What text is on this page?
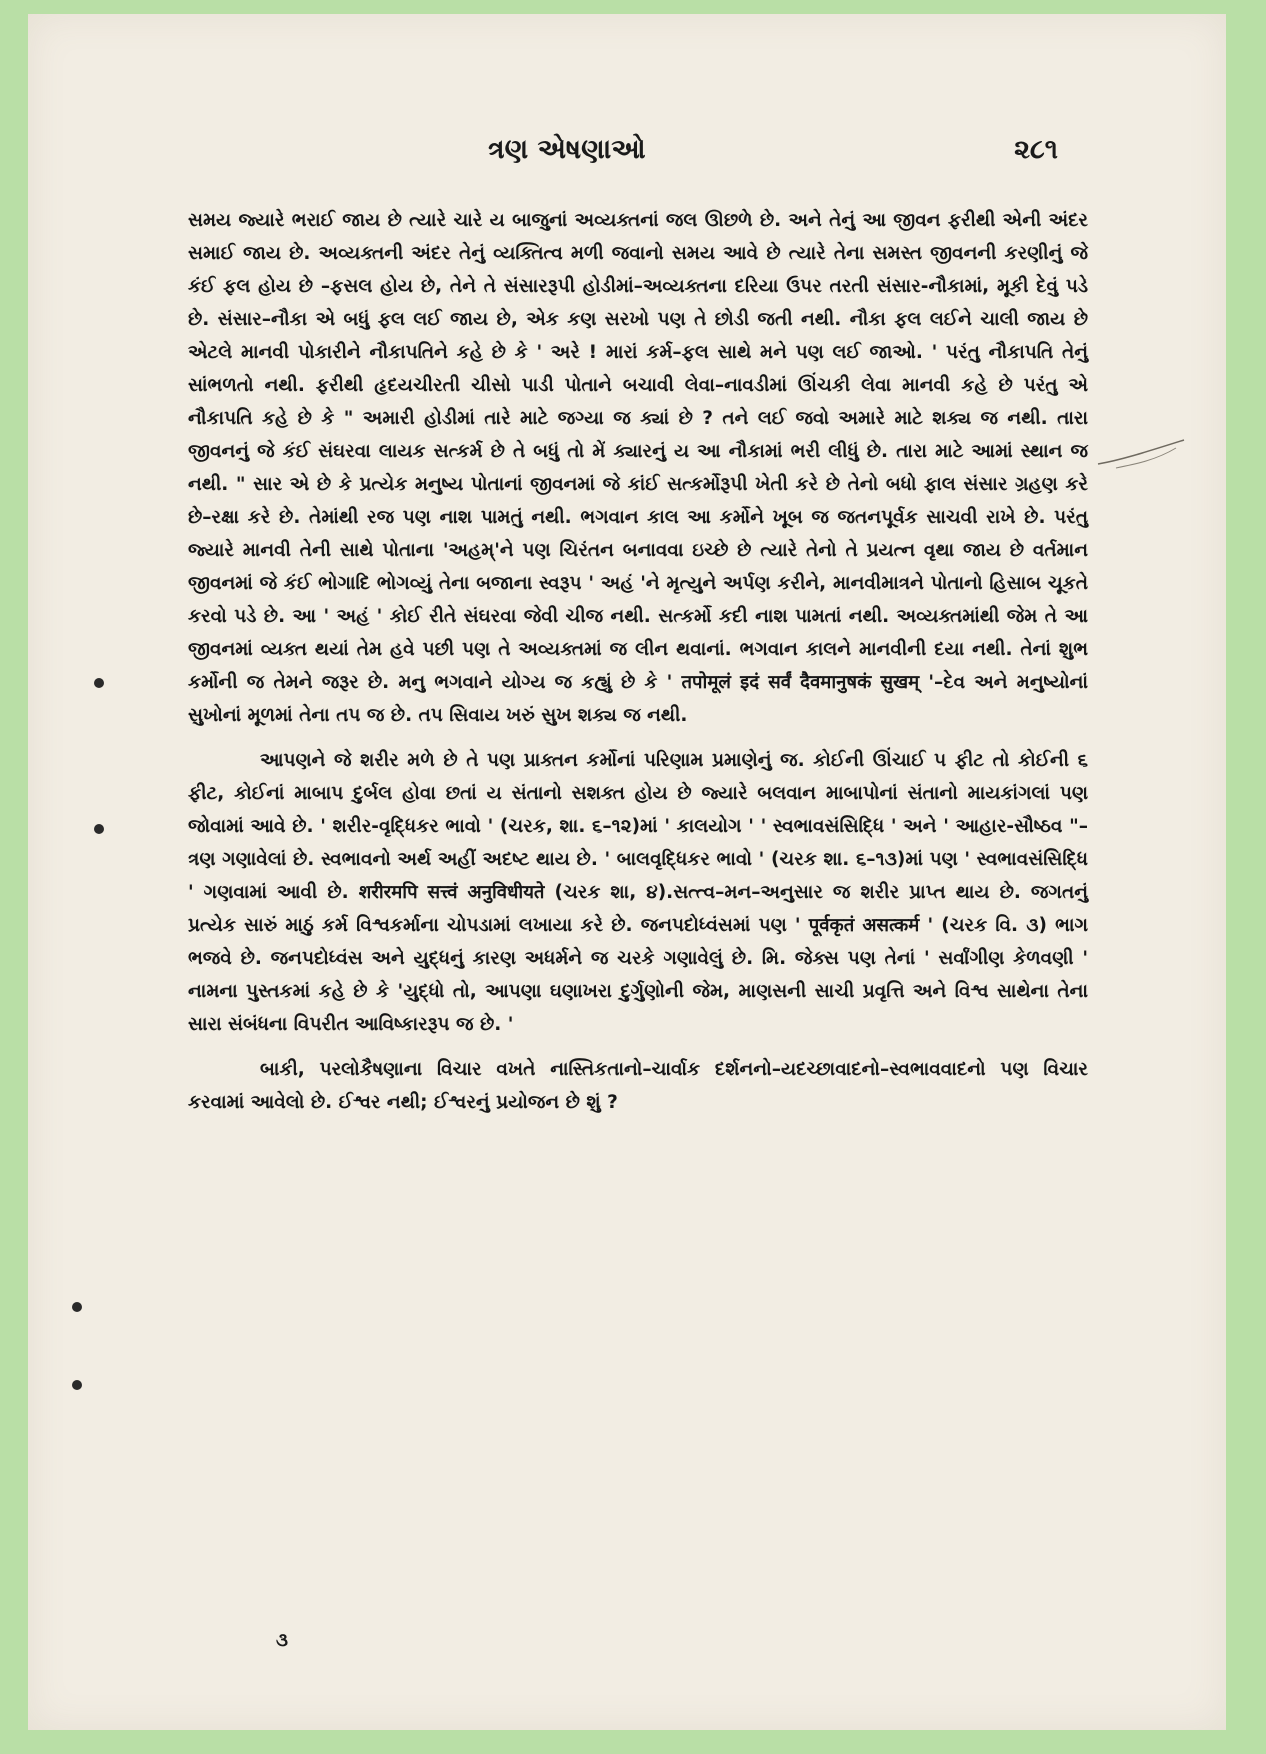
ત્રણ એષણાઓ	૨૮૧

સમય જ્યારે ભરાઈ જાય છે ત્યારે ચારે ય બાજુનાં અવ્યક્તનાં જલ ઊછળે છે. અને તેનું આ જીવન ફરીથી એની અંદર સમાઈ જાય છે. અવ્યક્તની અંદર તેનું વ્યક્તિત્વ મળી જવાનો સમય આવે છે ત્યારે તેના સમસ્ત જીવનની કરણીનું જે કંઈ ફલ હોય છે –ફસલ હોય છે, તેને તે સંસારરૂપી હોડીમાં–અવ્યક્તના દરિયા ઉપર તરતી સંસાર-નૌકામાં, મૂકી દેવું પડે છે. સંસાર–નૌકા એ બધું ફલ લઈ જાય છે, એક કણ સરખો પણ તે છોડી જતી નથી. નૌકા ફલ લઈને ચાલી જાય છે એટલે માનવી પોકારીને નૌકાપતિને કહે છે કે ' અરે ! મારાં કર્મ–ફલ સાથે મને પણ લઈ જાઓ. ' પરંતુ નૌકાપતિ તેનું સાંભળતો નથી. ફરીથી હૃદયચીરતી ચીસો પાડી પોતાને બચાવી લેવા–નાવડીમાં ઊંચકી લેવા માનવી કહે છે પરંતુ એ નૌકાપતિ કહે છે કે " અમારી હોડીમાં તારે માટે જગ્યા જ ક્યાં છે ? તને લઈ જવો અમારે માટે શક્ય જ નથી. તારા જીવનનું જે કંઈ સંઘરવા લાયક સત્કર્મ છે તે બધું તો મેં ક્યારનું ય આ નૌકામાં ભરી લીધું છે. તારા માટે આમાં સ્થાન જ નથી. " સાર એ છે કે પ્રત્યેક મનુષ્ય પોતાનાં જીવનમાં જે કાંઈ સત્કર્મોરૂપી ખેતી કરે છે તેનો બધો ફાલ સંસાર ગ્રહણ કરે છે–રક્ષા કરે છે. તેમાંથી રજ પણ નાશ પામતું નથી. ભગવાન કાલ આ કર્મોને ખૂબ જ જતનપૂર્વક સાચવી રાખે છે. પરંતુ જ્યારે માનવી તેની સાથે પોતાના 'અહમ્'ને પણ ચિરંતન બનાવવા ઇચ્છે છે ત્યારે તેનો તે પ્રયત્ન વૃથા જાય છે વર્તમાન જીવનમાં જે કંઈ ભોગાદિ ભોગવ્યું તેના બજાના સ્વરૂપ ' અહં 'ને મૃત્યુને અર્પણ કરીને, માનવીમાત્રને પોતાનો હિસાબ ચૂકતે કરવો પડે છે. આ ' અહં ' કોઈ રીતે સંઘરવા જેવી ચીજ નથી. સત્કર્મો કદી નાશ પામતાં નથી. અવ્યક્તમાંથી જેમ તે આ જીવનમાં વ્યક્ત થયાં તેમ હવે પછી પણ તે અવ્યક્તમાં જ લીન થવાનાં. ભગવાન કાલને માનવીની દયા નથી. તેનાં શુભ કર્મોની જ તેમને જરૂર છે. મનુ ભગવાને યોગ્ય જ કહ્યું છે કે ' तपोमूलं इदं सर्वं दैवमानुषकं सुखम् '–દેવ અને મનુષ્યોનાં સુખોનાં મૂળમાં તેના તપ જ છે. તપ સિવાય ખરું સુખ શક્ય જ નથી.

આપણને જે શરીર મળે છે તે પણ પ્રાક્તન કર્મોનાં પરિણામ પ્રમાણેનું જ. કોઈની ઊંચાઈ ૫ ફીટ તો કોઈની ૬ ફીટ, કોઈનાં માબાપ દુર્બલ હોવા છતાં ય સંતાનો સશક્ત હોય છે જ્યારે બલવાન માબાપોનાં સંતાનો માયકાંગલાં પણ જોવામાં આવે છે. ' શરીર-વૃદ્ધિકર ભાવો ' (ચરક, શા. ૬–૧૨)માં ' કાલયોગ ' ' સ્વભાવસંસિદ્ધિ ' અને ' આહાર-સૌષ્ઠવ "–ત્રણ ગણાવેલાં છે. સ્વભાવનો અર્થ અહીં અદષ્ટ થાય છે. ' બાલવૃદ્ધિકર ભાવો ' (ચરક શા. ૬–૧૩)માં પણ ' સ્વભાવસંસિદ્ધિ ' ગણવામાં આવી છે. शरीरमपि सत्त्वं अनुविधीयते (ચરક શા, ૪).સત્ત્વ–મન–અનુસાર જ શરીર પ્રાપ્ત થાય છે. જગતનું પ્રત્યેક સારું માઠું કર્મ વિશ્વકર્માના ચોપડામાં લખાયા કરે છે. જનપદોધ્વંસમાં પણ ' पूर्वकृतं असत्कर्म ' (ચરક વિ. ૩) ભાગ ભજવે છે. જનપદોધ્વંસ અને યુદ્ધનું કારણ અધર્મને જ ચરકે ગણાવેલું છે. મિ. જેક્સ પણ તેનાં ' સર્વાંગીણ કેળવણી ' નામના પુસ્તકમાં કહે છે કે 'યુદ્ધો તો, આપણા ઘણાખરા દુર્ગુણોની જેમ, માણસની સાચી પ્રવૃત્તિ અને વિશ્વ સાથેના તેના સારા સંબંધના વિપરીત આવિષ્કારરૂપ જ છે. '

બાકી, પરલોકૈષણાના વિચાર વખતે નાસ્તિકતાનો–ચાર્વાક દર્શનનો–યદચ્છાવાદનો–સ્વભાવવાદનો પણ વિચાર કરવામાં આવેલો છે. ઈશ્વર નથી; ઈશ્વરનું પ્રયોજન છે શું ?

૩
